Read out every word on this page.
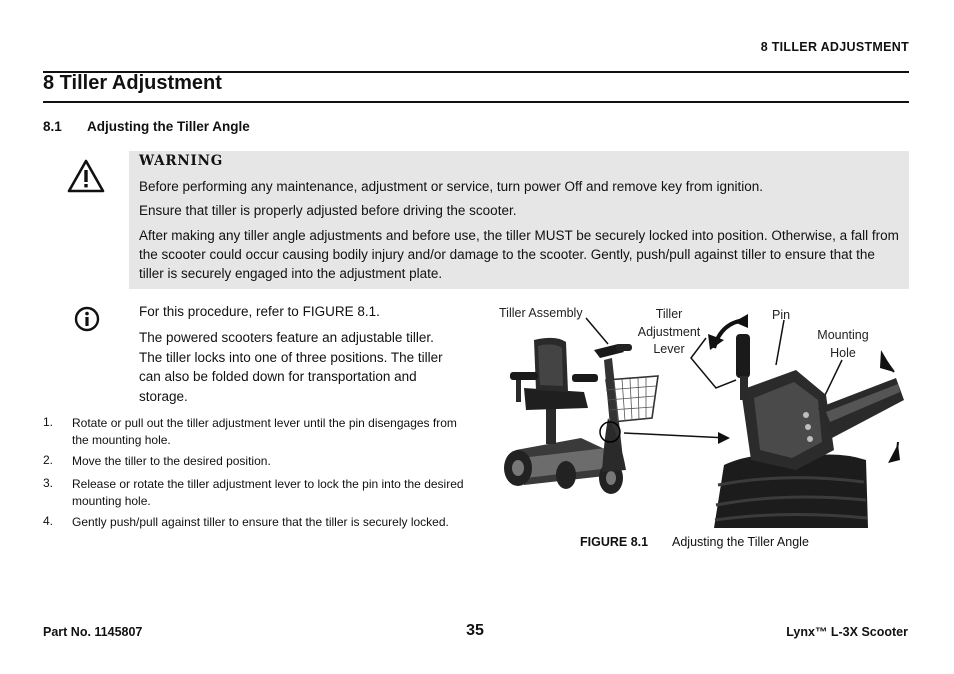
8 TILLER ADJUSTMENT
8 Tiller Adjustment
8.1 Adjusting the Tiller Angle
WARNING
Before performing any maintenance, adjustment or service, turn power Off and remove key from ignition.
Ensure that tiller is properly adjusted before driving the scooter.
After making any tiller angle adjustments and before use, the tiller MUST be securely locked into position. Otherwise, a fall from the scooter could occur causing bodily injury and/or damage to the scooter. Gently, push/pull against tiller to ensure that the tiller is securely engaged into the adjustment plate.
For this procedure, refer to FIGURE 8.1.
The powered scooters feature an adjustable tiller. The tiller locks into one of three positions. The tiller can also be folded down for transportation and storage.
1. Rotate or pull out the tiller adjustment lever until the pin disengages from the mounting hole.
2. Move the tiller to the desired position.
3. Release or rotate the tiller adjustment lever to lock the pin into the desired mounting hole.
4. Gently push/pull against tiller to ensure that the tiller is securely locked.
Tiller Assembly	Tiller
Adjustment
Lever
Pin
Mounting
Hole
FIGURE 8.1 Adjusting the Tiller Angle
Part No. 1145807	35	Lynx™ L-3X Scooter
